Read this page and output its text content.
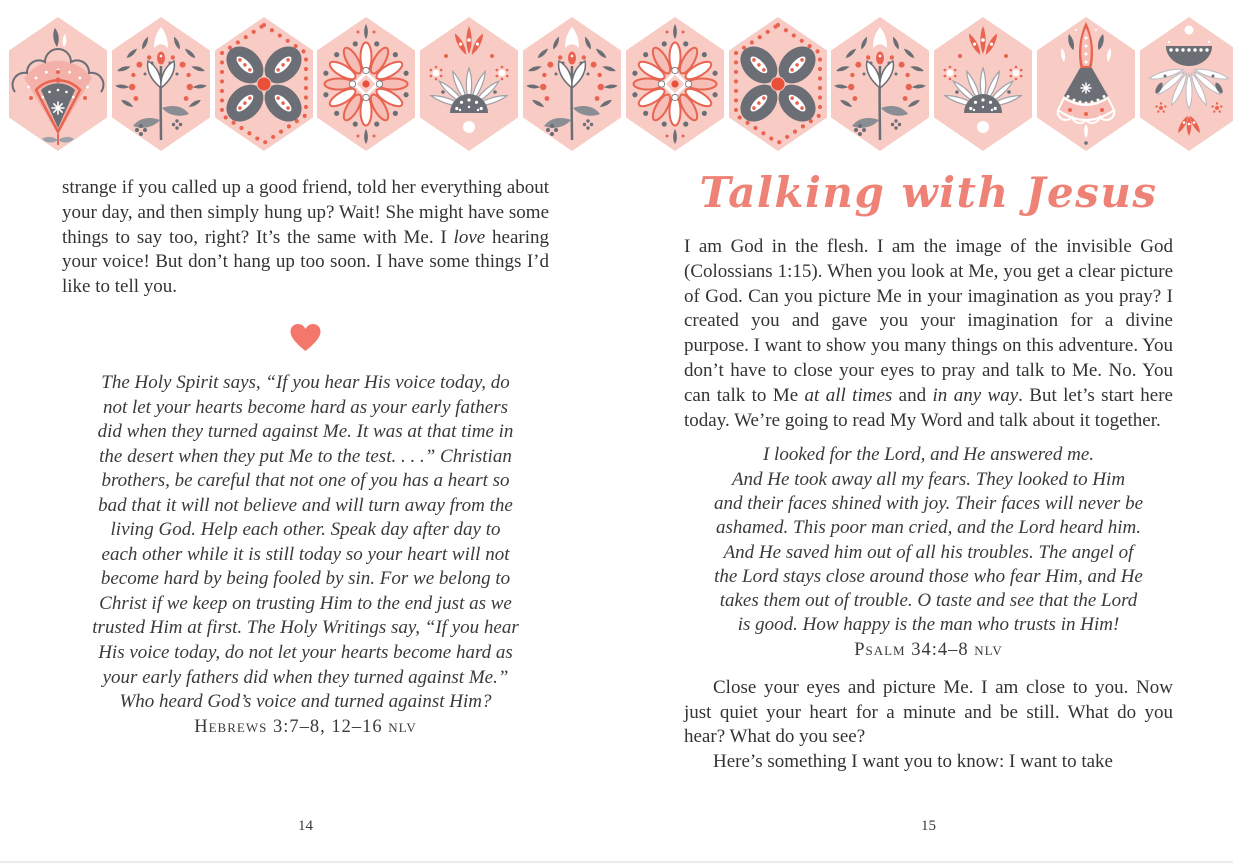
strange if you called up a good friend, told her everything about your day, and then simply hung up? Wait! She might have some things to say too, right? It’s the same with Me. I love hearing your voice! But don’t hang up too soon. I have some things I’d like to tell you.

The Holy Spirit says, “If you hear His voice today, do
not let your hearts become hard as your early fathers
did when they turned against Me. It was at that time in
the desert when they put Me to the test. . . .” Christian
brothers, be careful that not one of you has a heart so
bad that it will not believe and will turn away from the
living God. Help each other. Speak day after day to
each other while it is still today so your heart will not
become hard by being fooled by sin. For we belong to
Christ if we keep on trusting Him to the end just as we
trusted Him at first. The Holy Writings say, “If you hear
His voice today, do not let your hearts become hard as
your early fathers did when they turned against Me.”
Who heard God’s voice and turned against Him?
Hebrews 3:7–8, 12–16 nlv
14
Talking with Jesus

I am God in the flesh. I am the image of the invisible God (Colossians 1:15). When you look at Me, you get a clear picture of God. Can you picture Me in your imagination as you pray? I created you and gave you your imagination for a divine purpose. I want to show you many things on this adventure. You don’t have to close your eyes to pray and talk to Me. No. You can talk to Me at all times and in any way. But let’s start here today. We’re going to read My Word and talk about it together.

I looked for the Lord, and He answered me.
And He took away all my fears. They looked to Him
and their faces shined with joy. Their faces will never be
ashamed. This poor man cried, and the Lord heard him.
And He saved him out of all his troubles. The angel of
the Lord stays close around those who fear Him, and He
takes them out of trouble. O taste and see that the Lord
is good. How happy is the man who trusts in Him!
Psalm 34:4–8 nlv

Close your eyes and picture Me. I am close to you. Now just quiet your heart for a minute and be still. What do you hear? What do you see?

Here’s something I want you to know: I want to take

15
